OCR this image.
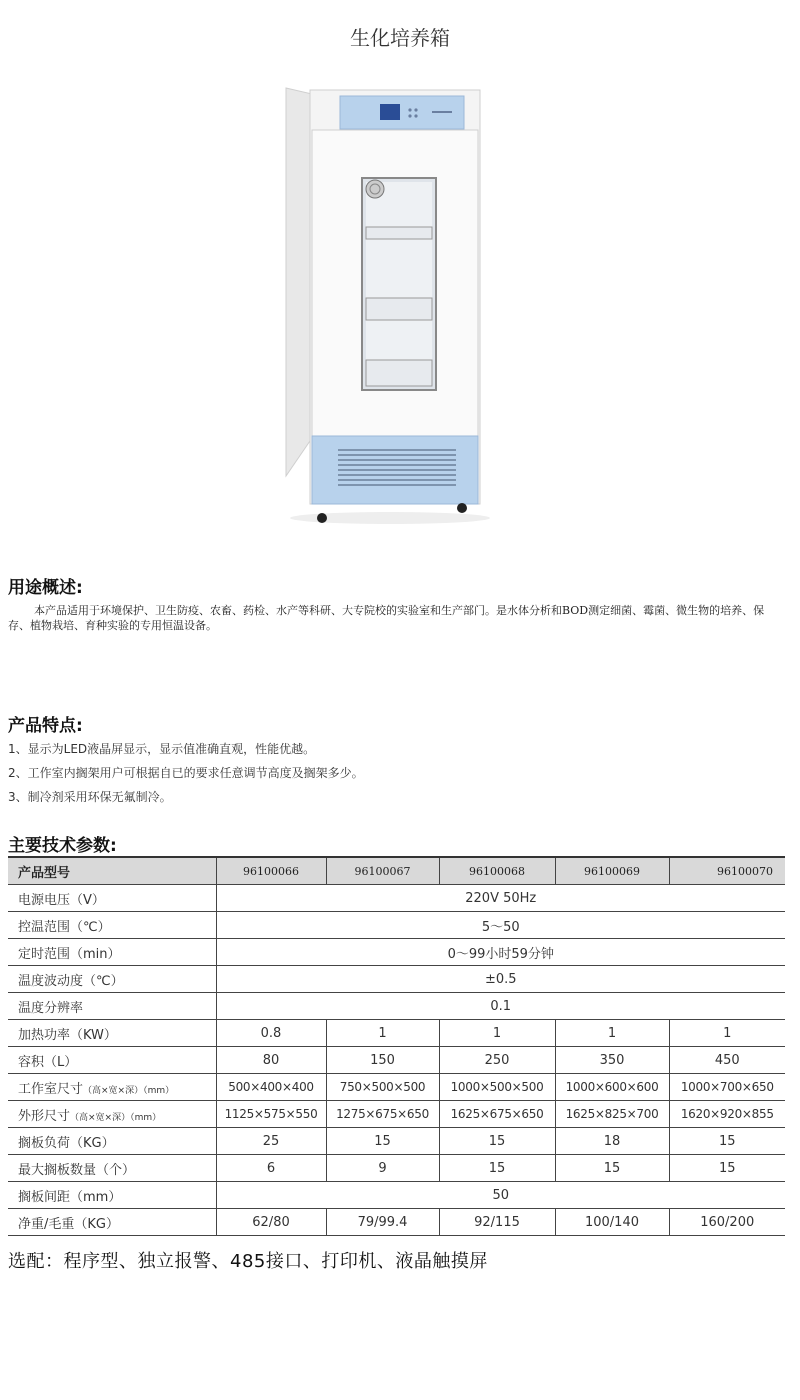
生化培养箱
用途概述:
本产品适用于环境保护、卫生防疫、农畜、药检、水产等科研、大专院校的实验室和生产部门。是水体分析和BOD测定细菌、霉菌、微生物的培养、保存、植物栽培、育种实验的专用恒温设备。
产品特点:
1、显示为LED液晶屏显示，显示值准确直观，性能优越。
2、工作室内搁架用户可根据自已的要求任意调节高度及搁架多少。
3、制冷剂采用环保无氟制冷。
主要技术参数:
产品型号	96100066	96100067	96100068	96100069	96100070
电源电压（V）	220V 50Hz				
控温范围（℃）	5～50				
定时范围（min）	0～99小时59分钟				
温度波动度（℃）	±0.5				
温度分辨率	0.1				
加热功率（KW）	0.8	1	1	1	1
容积（L）	80	150	250	350	450
工作室尺寸（高×宽×深）（mm）	500×400×400	750×500×500	1000×500×500	1000×600×600	1000×700×650
外形尺寸（高×宽×深）（mm）	1125×575×550	1275×675×650	1625×675×650	1625×825×700	1620×920×855
搁板负荷（KG）	25	15	15	18	15
最大搁板数量（个）	6	9	15	15	15
搁板间距（mm）	50				
净重/毛重（KG）	62/80	79/99.4	92/115	100/140	160/200
选配：程序型、独立报警、485接口、打印机、液晶触摸屏
